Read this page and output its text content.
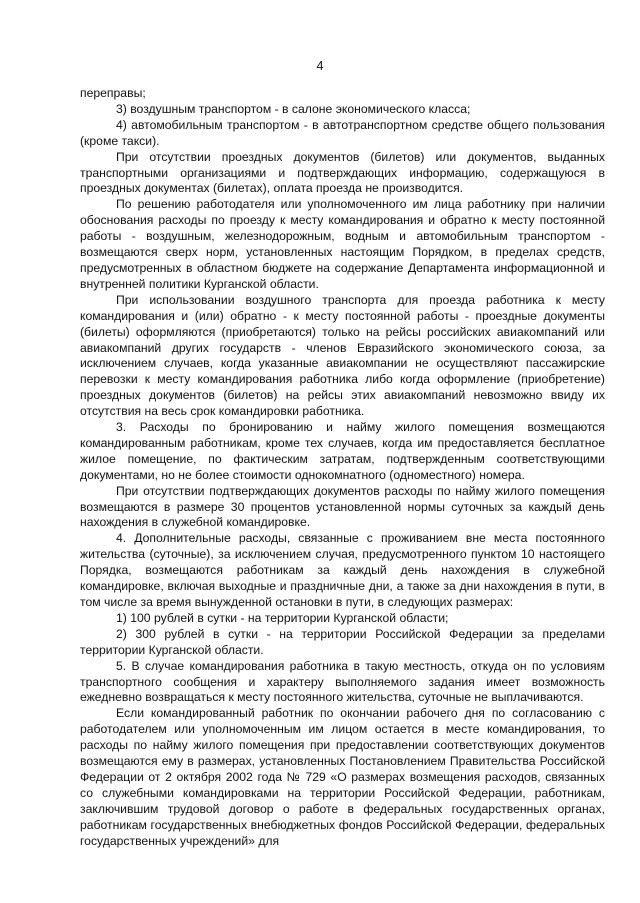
4

переправы;

3) воздушным транспортом - в салоне экономического класса;

4) автомобильным транспортом - в автотранспортном средстве общего пользования (кроме такси).

При отсутствии проездных документов (билетов) или документов, выданных транспортными организациями и подтверждающих информацию, содержащуюся в проездных документах (билетах), оплата проезда не производится.

По решению работодателя или уполномоченного им лица работнику при наличии обоснования расходы по проезду к месту командирования и обратно к месту постоянной работы - воздушным, железнодорожным, водным и автомобильным транспортом - возмещаются сверх норм, установленных настоящим Порядком, в пределах средств, предусмотренных в областном бюджете на содержание Департамента информационной и внутренней политики Курганской области.

При использовании воздушного транспорта для проезда работника к месту командирования и (или) обратно - к месту постоянной работы - проездные документы (билеты) оформляются (приобретаются) только на рейсы российских авиакомпаний или авиакомпаний других государств - членов Евразийского экономического союза, за исключением случаев, когда указанные авиакомпании не осуществляют пассажирские перевозки к месту командирования работника либо когда оформление (приобретение) проездных документов (билетов) на рейсы этих авиакомпаний невозможно ввиду их отсутствия на весь срок командировки работника.

3. Расходы по бронированию и найму жилого помещения возмещаются командированным работникам, кроме тех случаев, когда им предоставляется бесплатное жилое помещение, по фактическим затратам, подтвержденным соответствующими документами, но не более стоимости однокомнатного (одноместного) номера.

При отсутствии подтверждающих документов расходы по найму жилого помещения возмещаются в размере 30 процентов установленной нормы суточных за каждый день нахождения в служебной командировке.

4. Дополнительные расходы, связанные с проживанием вне места постоянного жительства (суточные), за исключением случая, предусмотренного пунктом 10 настоящего Порядка, возмещаются работникам за каждый день нахождения в служебной командировке, включая выходные и праздничные дни, а также за дни нахождения в пути, в том числе за время вынужденной остановки в пути, в следующих размерах:

1) 100 рублей в сутки - на территории Курганской области;

2) 300 рублей в сутки - на территории Российской Федерации за пределами территории Курганской области.

5. В случае командирования работника в такую местность, откуда он по условиям транспортного сообщения и характеру выполняемого задания имеет возможность ежедневно возвращаться к месту постоянного жительства, суточные не выплачиваются.

Если командированный работник по окончании рабочего дня по согласованию с работодателем или уполномоченным им лицом остается в месте командирования, то расходы по найму жилого помещения при предоставлении соответствующих документов возмещаются ему в размерах, установленных Постановлением Правительства Российской Федерации от 2 октября 2002 года № 729 «О размерах возмещения расходов, связанных со служебными командировками на территории Российской Федерации, работникам, заключившим трудовой договор о работе в федеральных государственных органах, работникам государственных внебюджетных фондов Российской Федерации, федеральных государственных учреждений» для
